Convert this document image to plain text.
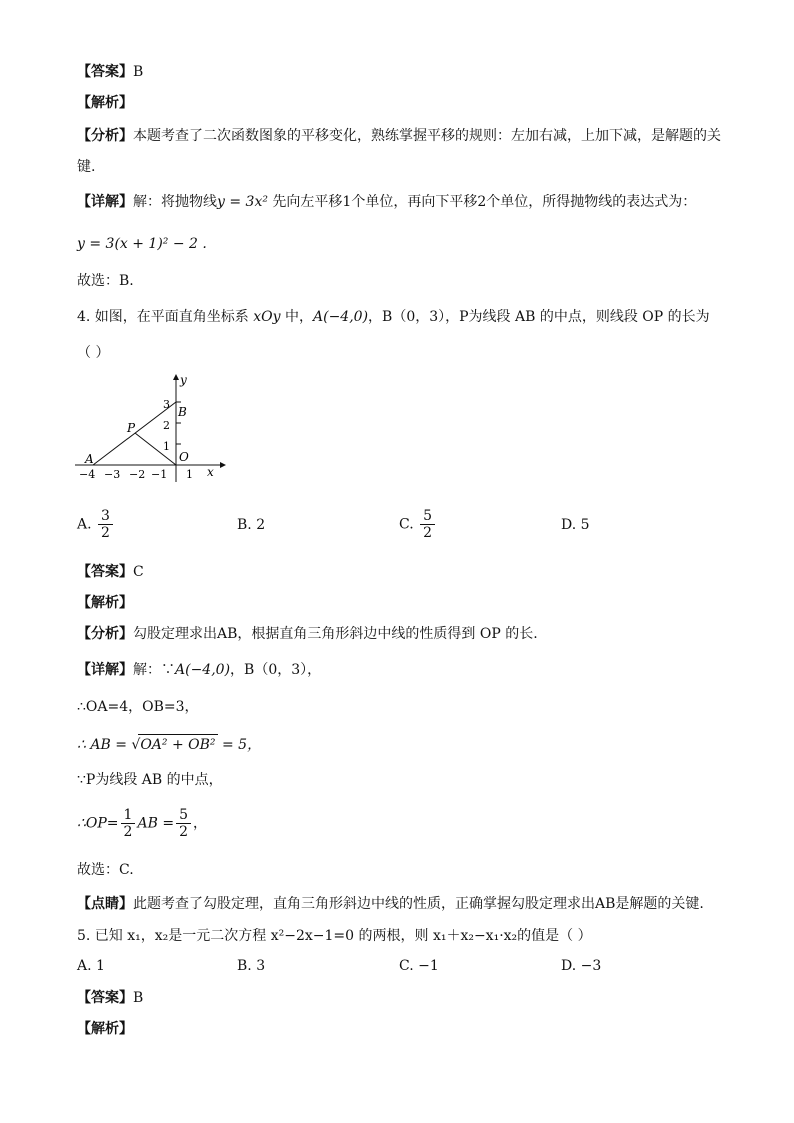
【答案】B
【解析】
【分析】本题考查了二次函数图象的平移变化，熟练掌握平移的规则：左加右减，上加下减，是解题的关
键.
【详解】解：将抛物线y = 3x² 先向左平移1个单位，再向下平移2个单位，所得抛物线的表达式为：
y = 3(x + 1)² − 2 .
故选：B.
4. 如图，在平面直角坐标系 xOy 中，A(−4,0)，B（0，3），P为线段 AB 的中点，则线段 OP 的长为
（ ）
y
x
B
P
A	O
3
2
1
−4 −3 −2 −1 1
A. $\frac{3}{2}$	B. 2	C. $\frac{5}{2}$	D. 5
【答案】C
【解析】
【分析】勾股定理求出AB，根据直角三角形斜边中线的性质得到 OP 的长.
【详解】解：∵A(−4,0)，B（0，3），
∴OA=4，OB=3，
∴ AB = √OA² + OB² = 5，
∵P为线段 AB 的中点，
∴OP= $\frac{1}{2}$ AB = $\frac{5}{2}$ ，
故选：C.
【点睛】此题考查了勾股定理，直角三角形斜边中线的性质，正确掌握勾股定理求出AB是解题的关键.
5. 已知 x₁，x₂是一元二次方程 x²−2x−1=0 的两根，则 x₁＋x₂−x₁·x₂的值是（ ）
A. 1	B. 3	C. −1	D. −3
【答案】B
【解析】
